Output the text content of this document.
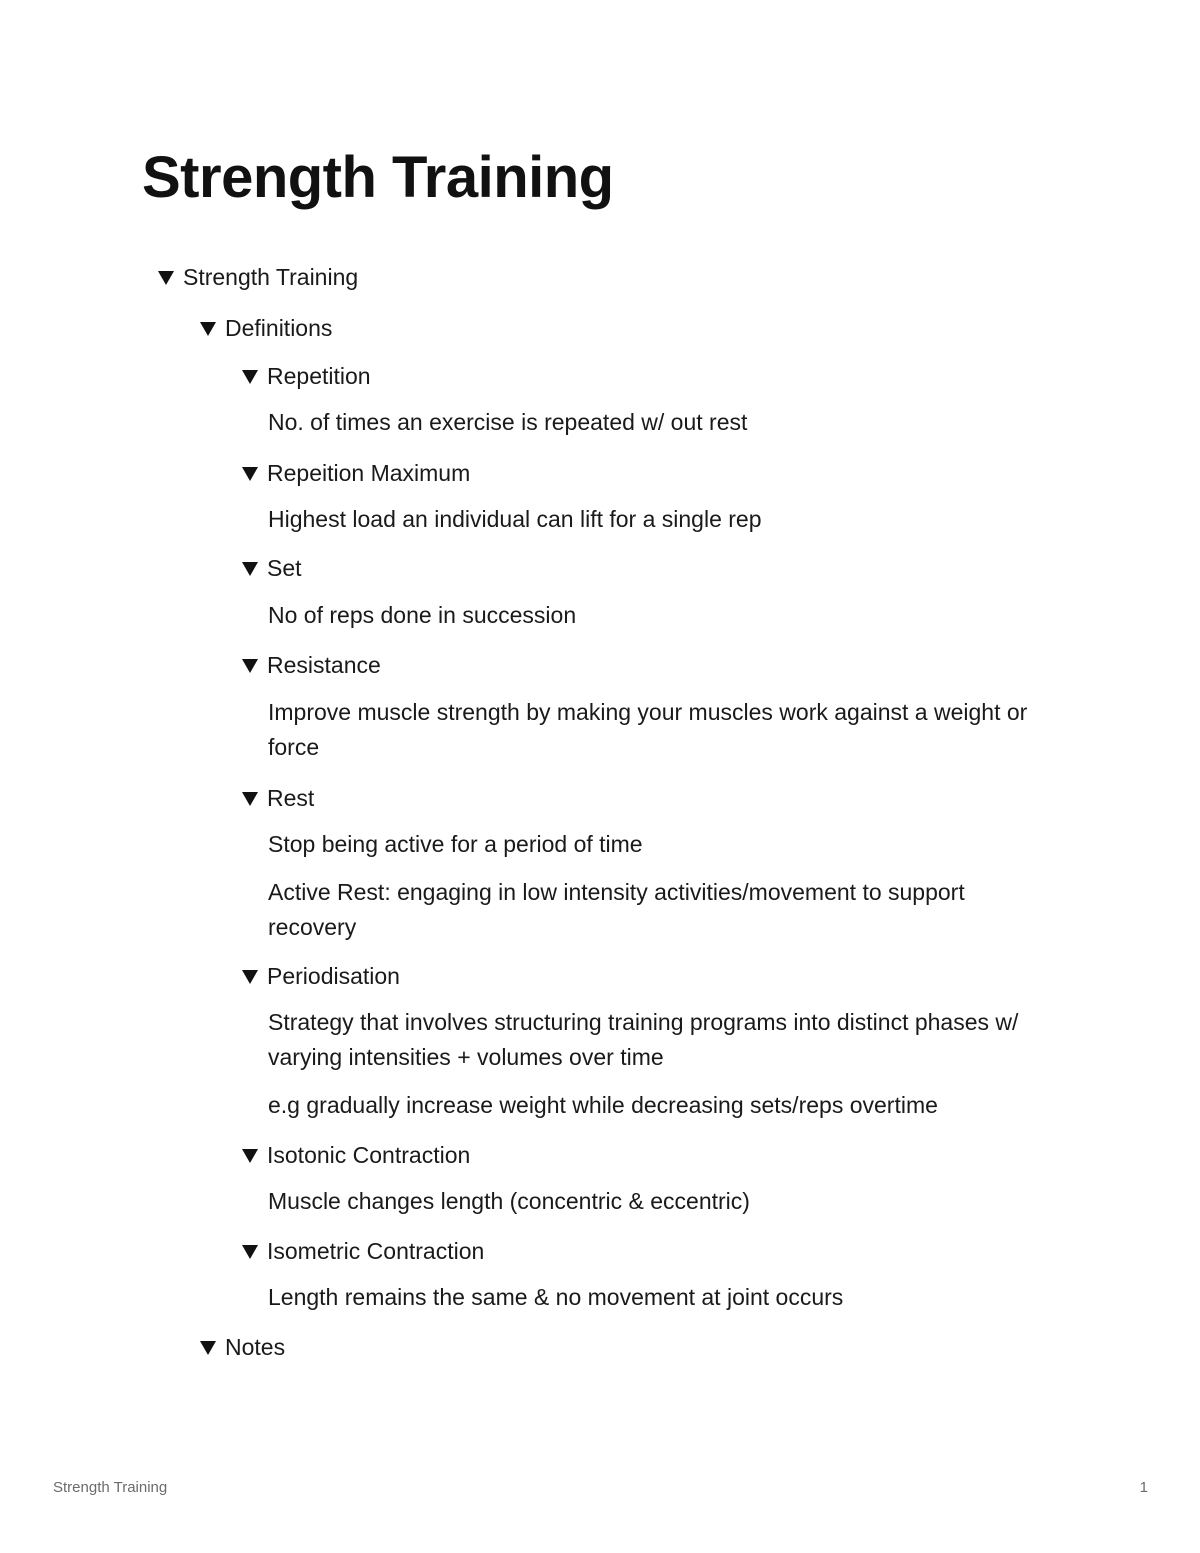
Strength Training
Strength Training
Definitions
Repetition

No. of times an exercise is repeated w/ out rest

Repeition Maximum

Highest load an individual can lift for a single rep

Set

No of reps done in succession

Resistance

Improve muscle strength by making your muscles work against a weight or force

Rest

Stop being active for a period of time

Active Rest: engaging in low intensity activities/movement to support recovery

Periodisation

Strategy that involves structuring training programs into distinct phases w/ varying intensities + volumes over time

e.g gradually increase weight while decreasing sets/reps overtime

Isotonic Contraction

Muscle changes length (concentric & eccentric)

Isometric Contraction

Length remains the same & no movement at joint occurs

Notes
Strength Training	1
